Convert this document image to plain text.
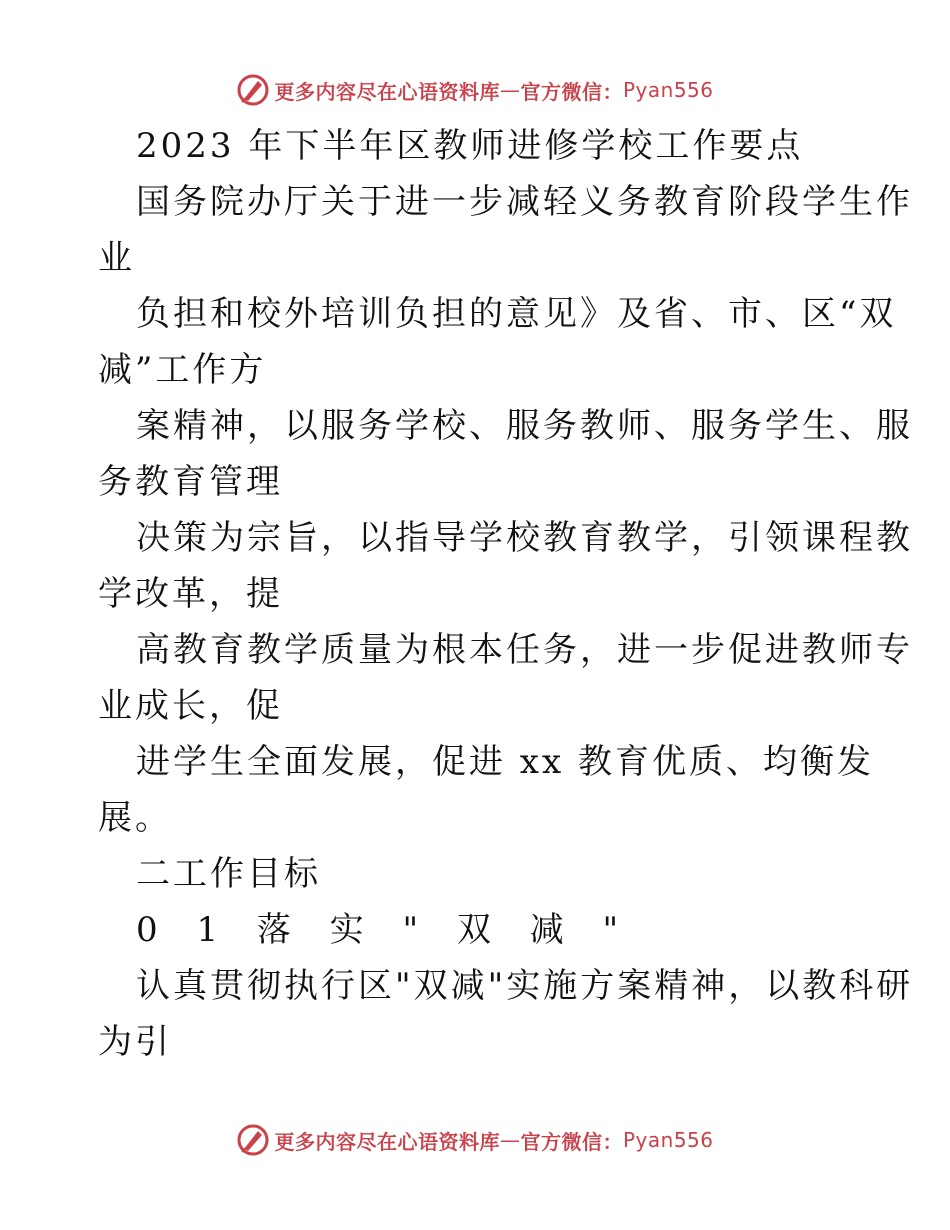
更多内容尽在心语资料库 — 官方微信： Pyan556
2023 年下半年区教师进修学校工作要点
国务院办厅关于进一步减轻义务教育阶段学生作
业
负担和校外培训负担的意见》及省、市、区“双
减”工作方
案精神，以服务学校、服务教师、服务学生、服
务教育管理
决策为宗旨，以指导学校教育教学，引领课程教
学改革，提
高教育教学质量为根本任务，进一步促进教师专
业成长，促
进学生全面发展，促进 xx 教育优质、均衡发
展。
二工作目标
0 1 落 实 " 双 减 "
认真贯彻执行区"双减"实施方案精神，以教科研
为引
更多内容尽在心语资料库 — 官方微信： Pyan556
